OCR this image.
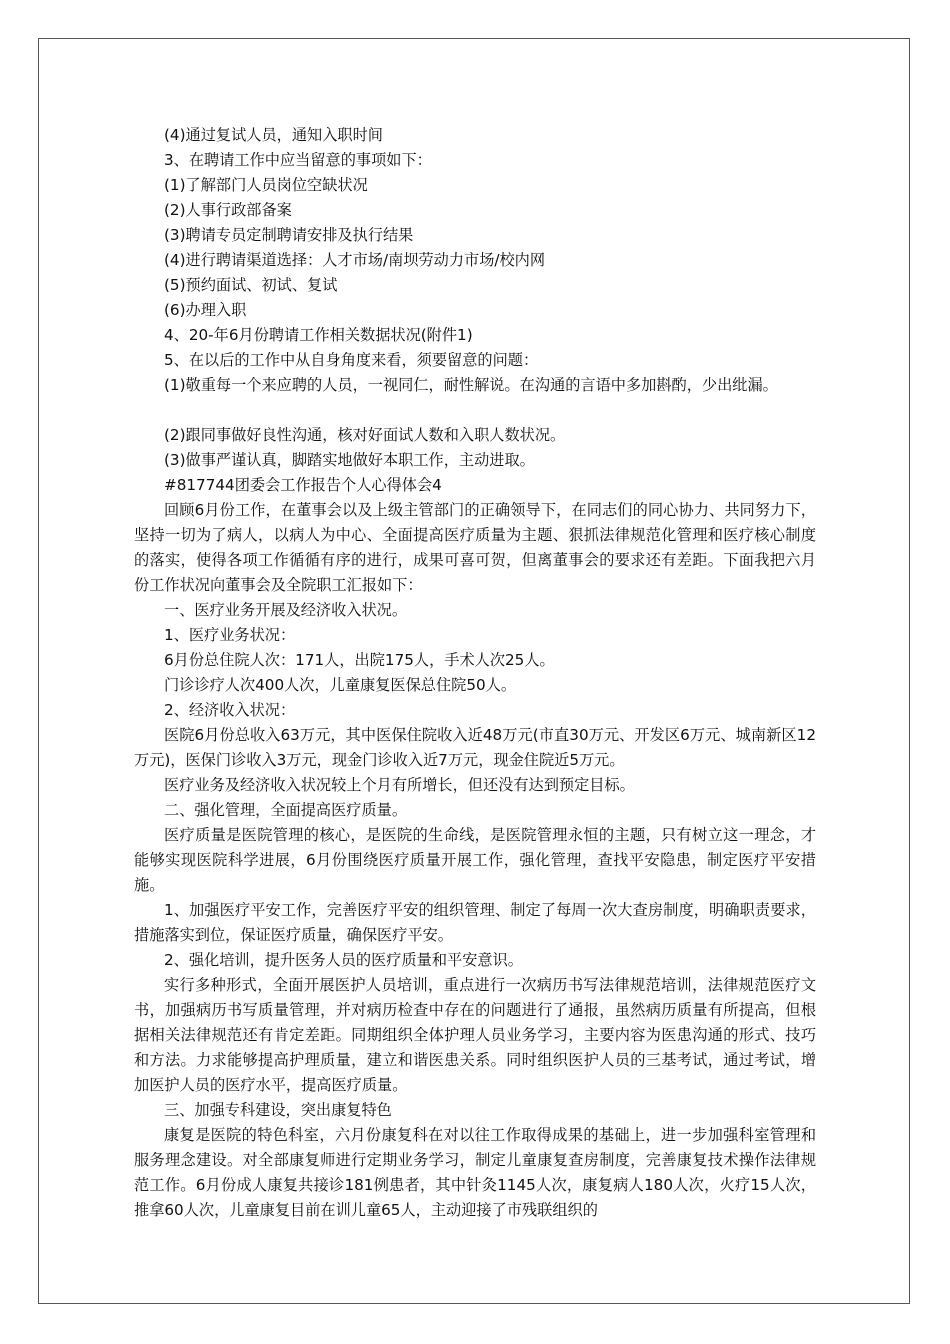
(4)通过复试人员，通知入职时间
3、在聘请工作中应当留意的事项如下：
(1)了解部门人员岗位空缺状况
(2)人事行政部备案
(3)聘请专员定制聘请安排及执行结果
(4)进行聘请渠道选择：人才市场/南坝劳动力市场/校内网
(5)预约面试、初试、复试
(6)办理入职
4、20-年6月份聘请工作相关数据状况(附件1)
5、在以后的工作中从自身角度来看，须要留意的问题：
(1)敬重每一个来应聘的人员，一视同仁，耐性解说。在沟通的言语中多加斟酌，少出纰漏。
(2)跟同事做好良性沟通，核对好面试人数和入职人数状况。
(3)做事严谨认真，脚踏实地做好本职工作，主动进取。
#817744团委会工作报告个人心得体会4
回顾6月份工作，在董事会以及上级主管部门的正确领导下，在同志们的同心协力、共同努力下，坚持一切为了病人，以病人为中心、全面提高医疗质量为主题、狠抓法律规范化管理和医疗核心制度的落实，使得各项工作循循有序的进行，成果可喜可贺，但离董事会的要求还有差距。下面我把六月份工作状况向董事会及全院职工汇报如下：
一、医疗业务开展及经济收入状况。
1、医疗业务状况：
6月份总住院人次：171人，出院175人，手术人次25人。
门诊诊疗人次400人次，儿童康复医保总住院50人。
2、经济收入状况：
医院6月份总收入63万元，其中医保住院收入近48万元(市直30万元、开发区6万元、城南新区12万元)，医保门诊收入3万元，现金门诊收入近7万元，现金住院近5万元。
医疗业务及经济收入状况较上个月有所增长，但还没有达到预定目标。
二、强化管理，全面提高医疗质量。
医疗质量是医院管理的核心，是医院的生命线，是医院管理永恒的主题，只有树立这一理念，才能够实现医院科学进展，6月份围绕医疗质量开展工作，强化管理，查找平安隐患，制定医疗平安措施。
1、加强医疗平安工作，完善医疗平安的组织管理、制定了每周一次大查房制度，明确职责要求，措施落实到位，保证医疗质量，确保医疗平安。
2、强化培训，提升医务人员的医疗质量和平安意识。
实行多种形式，全面开展医护人员培训，重点进行一次病历书写法律规范培训，法律规范医疗文书，加强病历书写质量管理，并对病历检查中存在的问题进行了通报，虽然病历质量有所提高，但根据相关法律规范还有肯定差距。同期组织全体护理人员业务学习，主要内容为医患沟通的形式、技巧和方法。力求能够提高护理质量，建立和谐医患关系。同时组织医护人员的三基考试，通过考试，增加医护人员的医疗水平，提高医疗质量。
三、加强专科建设，突出康复特色
康复是医院的特色科室，六月份康复科在对以往工作取得成果的基础上，进一步加强科室管理和服务理念建设。对全部康复师进行定期业务学习，制定儿童康复查房制度，完善康复技术操作法律规范工作。6月份成人康复共接诊181例患者，其中针灸1145人次，康复病人180人次，火疗15人次，推拿60人次，儿童康复目前在训儿童65人，主动迎接了市残联组织的
